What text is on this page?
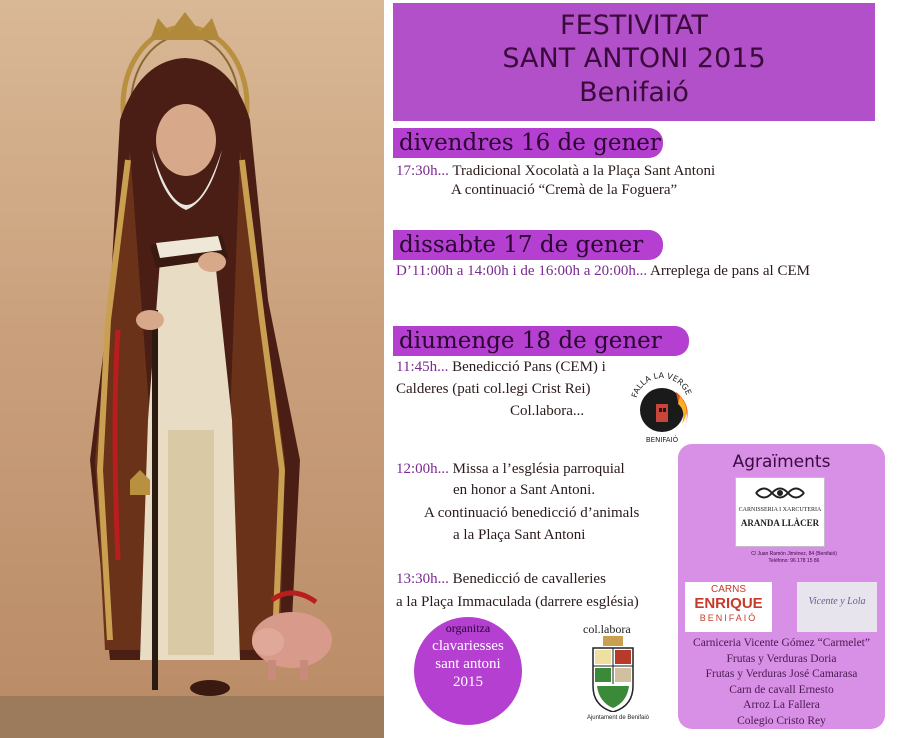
FESTIVITAT
SANT ANTONI 2015
Benifaió
divendres 16 de gener
17:30h... Tradicional Xocolatà a la Plaça Sant Antoni
A continuació “Cremà de la Foguera”
dissabte 17 de gener
D’11:00h a 14:00h i de 16:00h a 20:00h... Arreplega de pans al CEM
diumenge 18 de gener
11:45h... Benedicció Pans (CEM) i
Calderes (pati col.legi Crist Rei)
Col.labora...
12:00h... Missa a l’església parroquial
en honor a Sant Antoni.
A continuació benedicció d’animals
a la Plaça Sant Antoni
13:30h... Benedicció de cavalleries
a la Plaça Immaculada (darrere església)
FALLA LA VERGE
BENIFAIÓ
Agraïments
CARNISSERIA I XARCUTERIA
ARANDA LLÀCER
C/ Juan Ramón Jiménez, 84 (Benifaió)
Teléfono: 96 178 15 86
CARNS
ENRIQUE
BENIFAIÓ
Vicente y Lola
Carniceria Vicente Gómez “Carmelet”
Frutas y Verduras Doria
Frutas y Verduras José Camarasa
Carn de cavall Ernesto
Arroz La Fallera
Colegio Cristo Rey
organitza
clavariesses
sant antoni
2015
col.labora
Ajuntament de Benifaió
